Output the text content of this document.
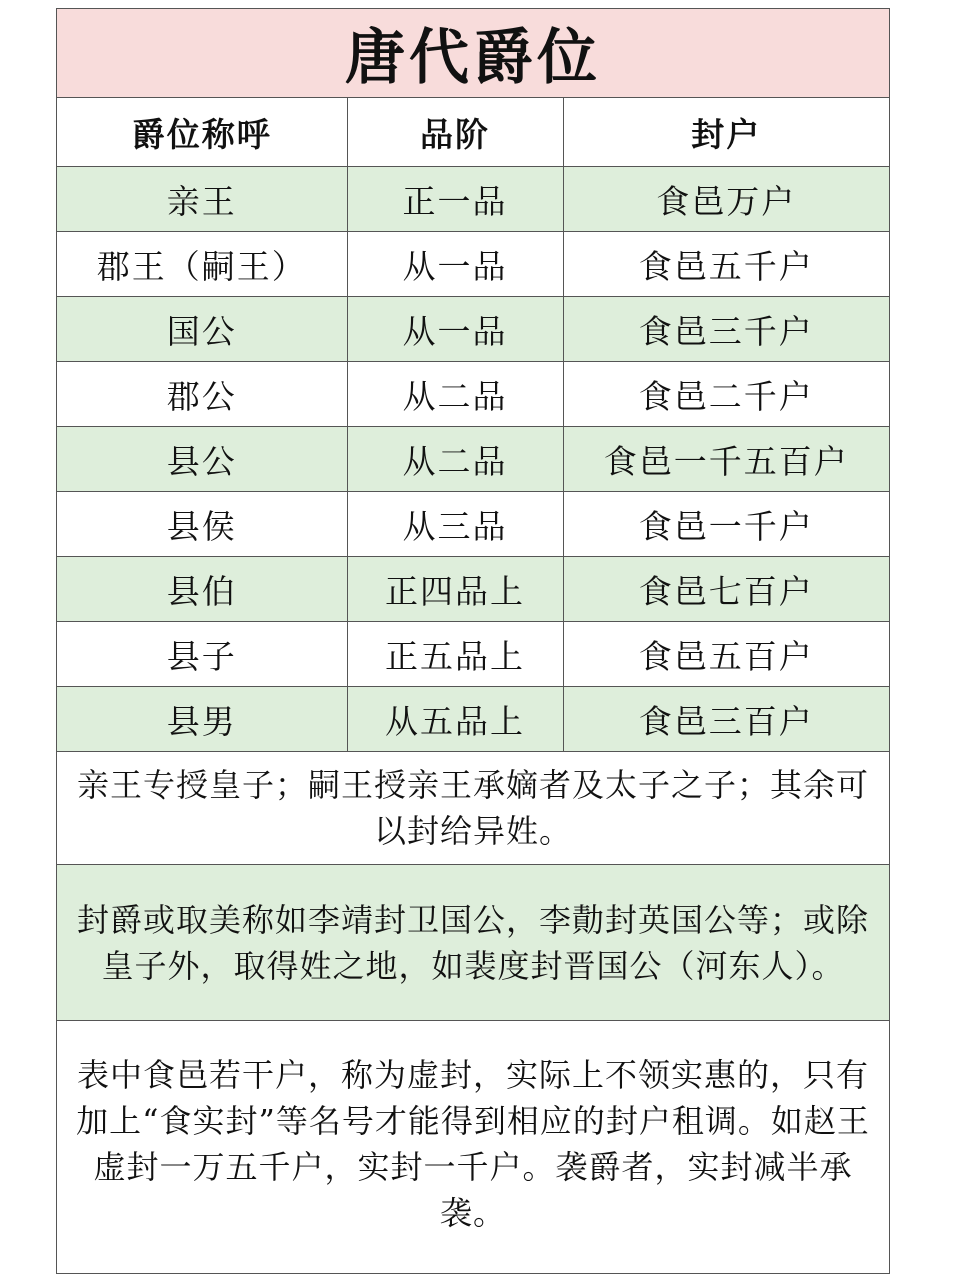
唐代爵位
爵位称呼	品阶	封户
亲王	正一品	食邑万户
郡王（嗣王）	从一品	食邑五千户
国公	从一品	食邑三千户
郡公	从二品	食邑二千户
县公	从二品	食邑一千五百户
县侯	从三品	食邑一千户
县伯	正四品上	食邑七百户
县子	正五品上	食邑五百户
县男	从五品上	食邑三百户
亲王专授皇子；嗣王授亲王承嫡者及太子之子；其余可以封给异姓。
封爵或取美称如李靖封卫国公，李勣封英国公等；或除皇子外，取得姓之地，如裴度封晋国公（河东人）。
表中食邑若干户，称为虚封，实际上不领实惠的，只有加上“食实封”等名号才能得到相应的封户租调。如赵王虚封一万五千户，实封一千户。袭爵者，实封减半承袭。
